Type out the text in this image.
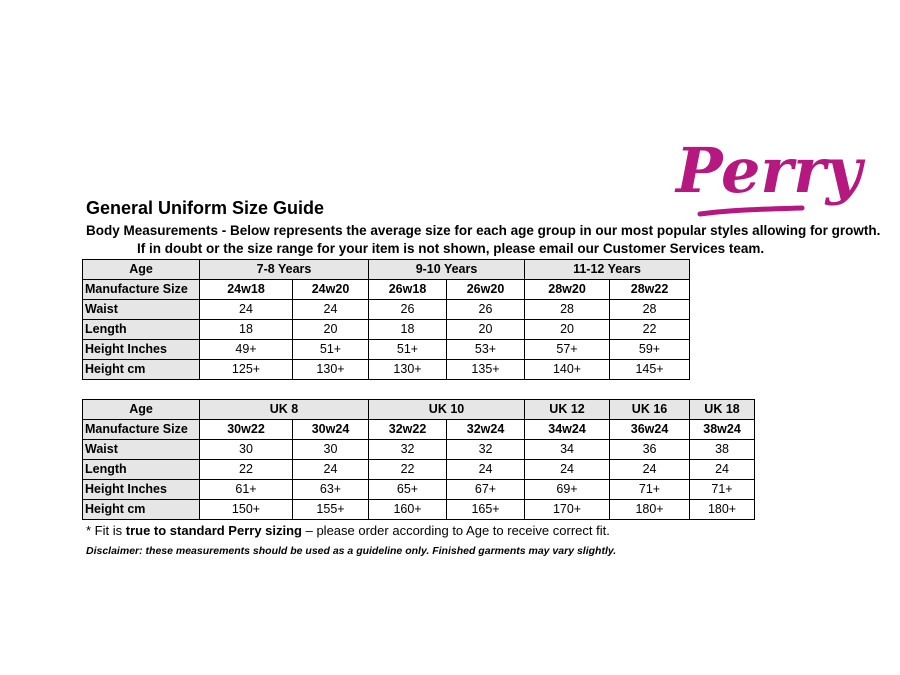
Perry
General Uniform Size Guide
Body Measurements - Below represents the average size for each age group in our most popular styles allowing for growth.
If in doubt or the size range for your item is not shown, please email our Customer Services team.
Age	7-8 Years		9-10 Years		11-12 Years	
Manufacture Size	24w18	24w20	26w18	26w20	28w20	28w22
Waist	24	24	26	26	28	28
Length	18	20	18	20	20	22
Height Inches	49+	51+	51+	53+	57+	59+
Height cm	125+	130+	130+	135+	140+	145+
Age	UK 8		UK 10		UK 12	UK 16	UK 18
Manufacture Size	30w22	30w24	32w22	32w24	34w24	36w24	38w24
Waist	30	30	32	32	34	36	38
Length	22	24	22	24	24	24	24
Height Inches	61+	63+	65+	67+	69+	71+	71+
Height cm	150+	155+	160+	165+	170+	180+	180+
* Fit is true to standard Perry sizing – please order according to Age to receive correct fit.
Disclaimer: these measurements should be used as a guideline only. Finished garments may vary slightly.
